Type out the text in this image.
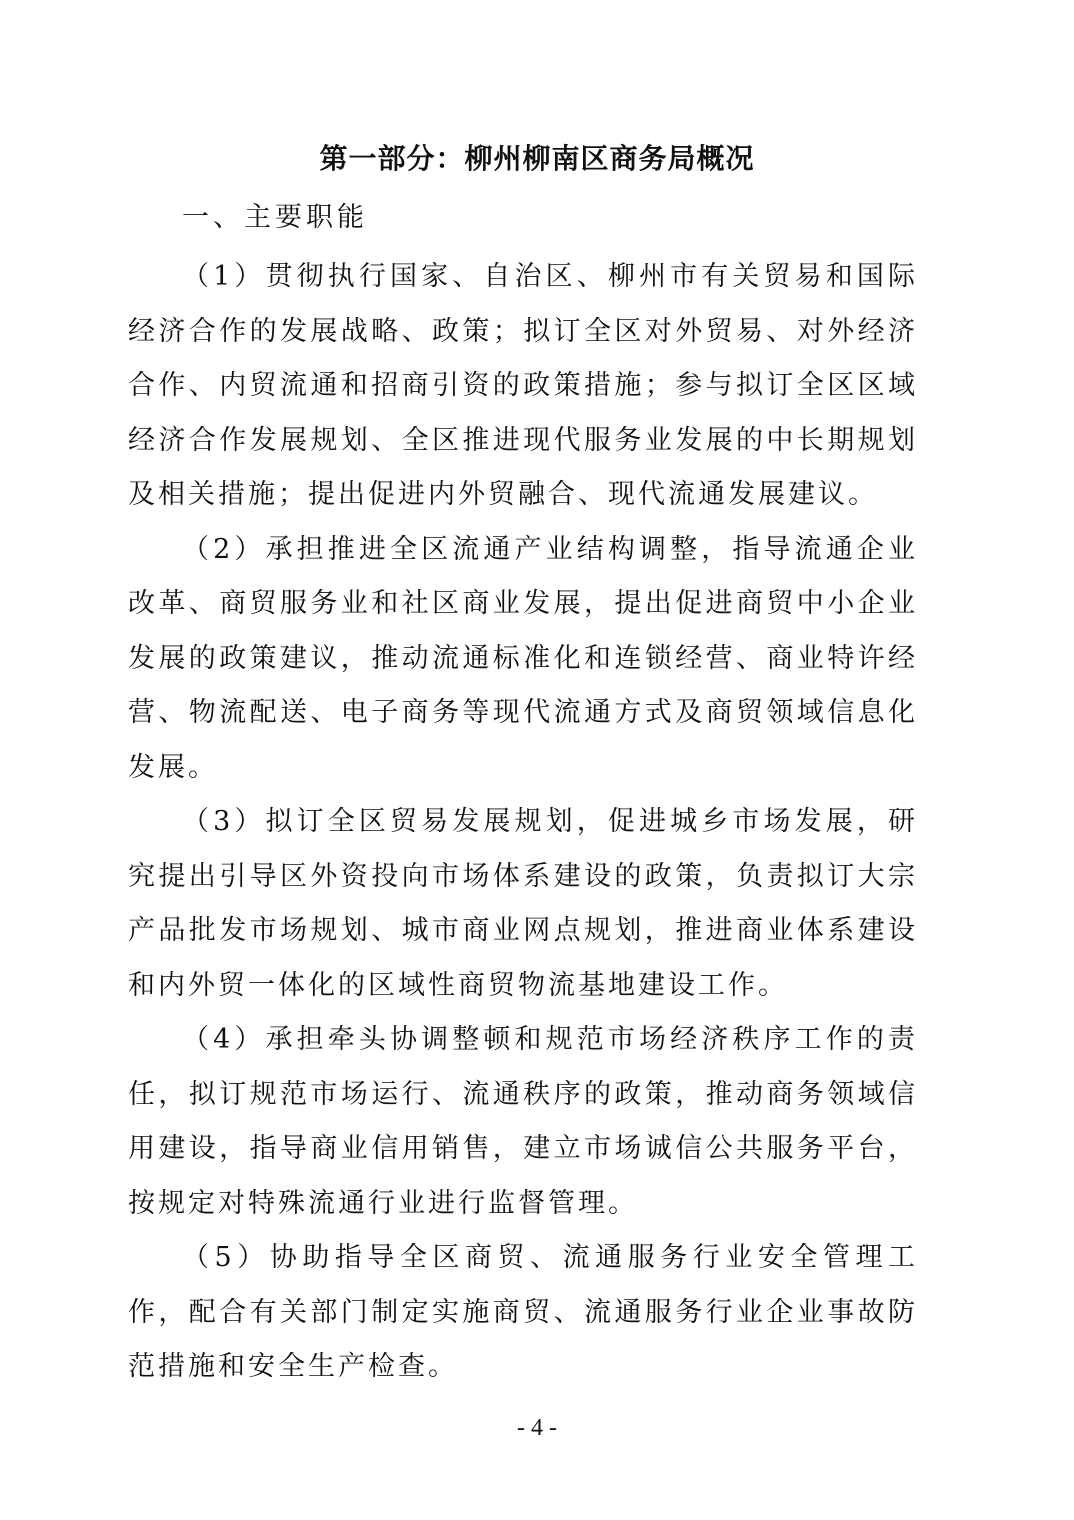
第一部分：柳州柳南区商务局概况
一、主要职能

（1）贯彻执行国家、自治区、柳州市有关贸易和国际经济合作的发展战略、政策；拟订全区对外贸易、对外经济合作、内贸流通和招商引资的政策措施；参与拟订全区区域经济合作发展规划、全区推进现代服务业发展的中长期规划及相关措施；提出促进内外贸融合、现代流通发展建议。

（2）承担推进全区流通产业结构调整，指导流通企业改革、商贸服务业和社区商业发展，提出促进商贸中小企业发展的政策建议，推动流通标准化和连锁经营、商业特许经营、物流配送、电子商务等现代流通方式及商贸领域信息化发展。

（3）拟订全区贸易发展规划，促进城乡市场发展，研究提出引导区外资投向市场体系建设的政策，负责拟订大宗产品批发市场规划、城市商业网点规划，推进商业体系建设和内外贸一体化的区域性商贸物流基地建设工作。

（4）承担牵头协调整顿和规范市场经济秩序工作的责任，拟订规范市场运行、流通秩序的政策，推动商务领域信用建设，指导商业信用销售，建立市场诚信公共服务平台，按规定对特殊流通行业进行监督管理。

（5）协助指导全区商贸、流通服务行业安全管理工作，配合有关部门制定实施商贸、流通服务行业企业事故防范措施和安全生产检查。

- 4 -
